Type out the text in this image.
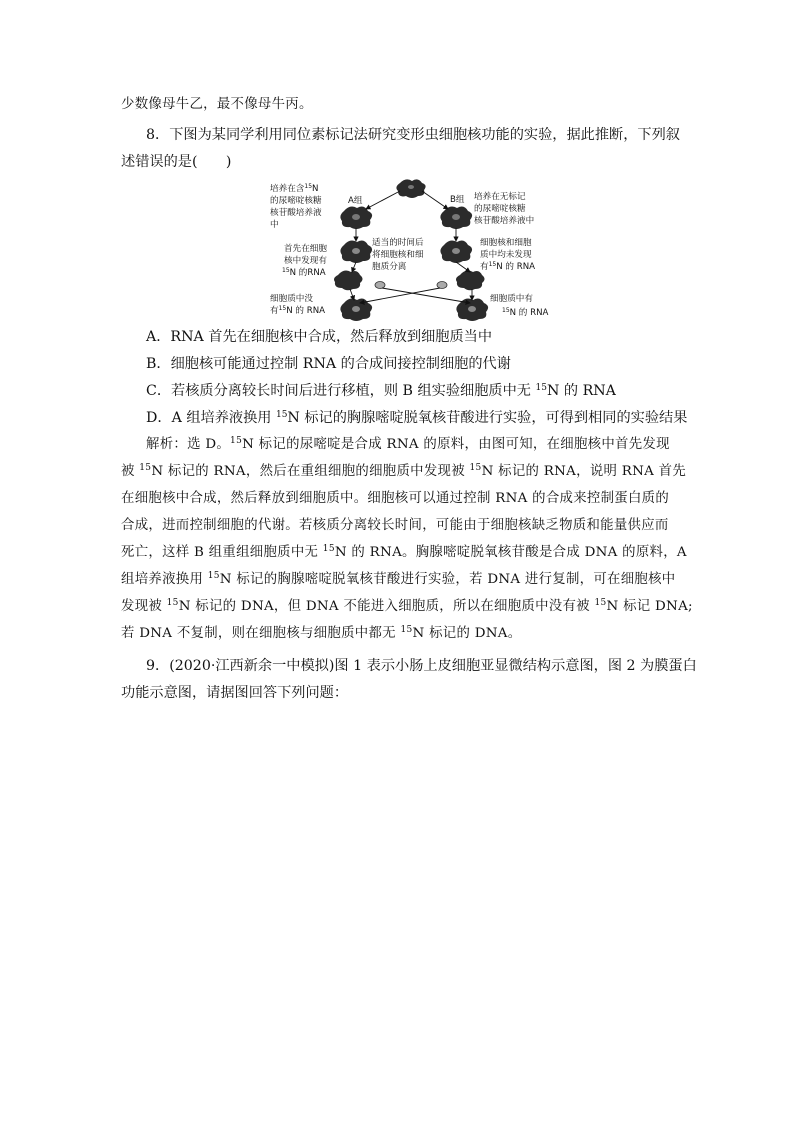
少数像母牛乙，最不像母牛丙。
8．下图为某同学利用同位素标记法研究变形虫细胞核功能的实验，据此推断，下列叙
述错误的是(　　)
A组	B组
培养在含$^{15}$N
的尿嘧啶核糖
核苷酸培养液
中
培养在无标记
的尿嘧啶核糖
核苷酸培养液中
首先在细胞
核中发现有
$^{15}$N 的RNA
适当的时间后
将细胞核和细
胞质分离
细胞核和细胞
质中均未发现
有$^{15}$N 的 RNA
细胞质中没
有$^{15}$N 的 RNA
细胞质中有
$^{15}$N 的 RNA
A．RNA 首先在细胞核中合成，然后释放到细胞质当中
B．细胞核可能通过控制 RNA 的合成间接控制细胞的代谢
C．若核质分离较长时间后进行移植，则 B 组实验细胞质中无 $^{15}$N 的 RNA
D．A 组培养液换用 $^{15}$N 标记的胸腺嘧啶脱氧核苷酸进行实验，可得到相同的实验结果
解析：选 D。$^{15}$N 标记的尿嘧啶是合成 RNA 的原料，由图可知，在细胞核中首先发现
被 $^{15}$N 标记的 RNA，然后在重组细胞的细胞质中发现被 $^{15}$N 标记的 RNA，说明 RNA 首先
在细胞核中合成，然后释放到细胞质中。细胞核可以通过控制 RNA 的合成来控制蛋白质的
合成，进而控制细胞的代谢。若核质分离较长时间，可能由于细胞核缺乏物质和能量供应而
死亡，这样 B 组重组细胞质中无 $^{15}$N 的 RNA。胸腺嘧啶脱氧核苷酸是合成 DNA 的原料，A
组培养液换用 $^{15}$N 标记的胸腺嘧啶脱氧核苷酸进行实验，若 DNA 进行复制，可在细胞核中
发现被 $^{15}$N 标记的 DNA，但 DNA 不能进入细胞质，所以在细胞质中没有被 $^{15}$N 标记 DNA;
若 DNA 不复制，则在细胞核与细胞质中都无 $^{15}$N 标记的 DNA。
9．(2020·江西新余一中模拟)图 1 表示小肠上皮细胞亚显微结构示意图，图 2 为膜蛋白
功能示意图，请据图回答下列问题：
